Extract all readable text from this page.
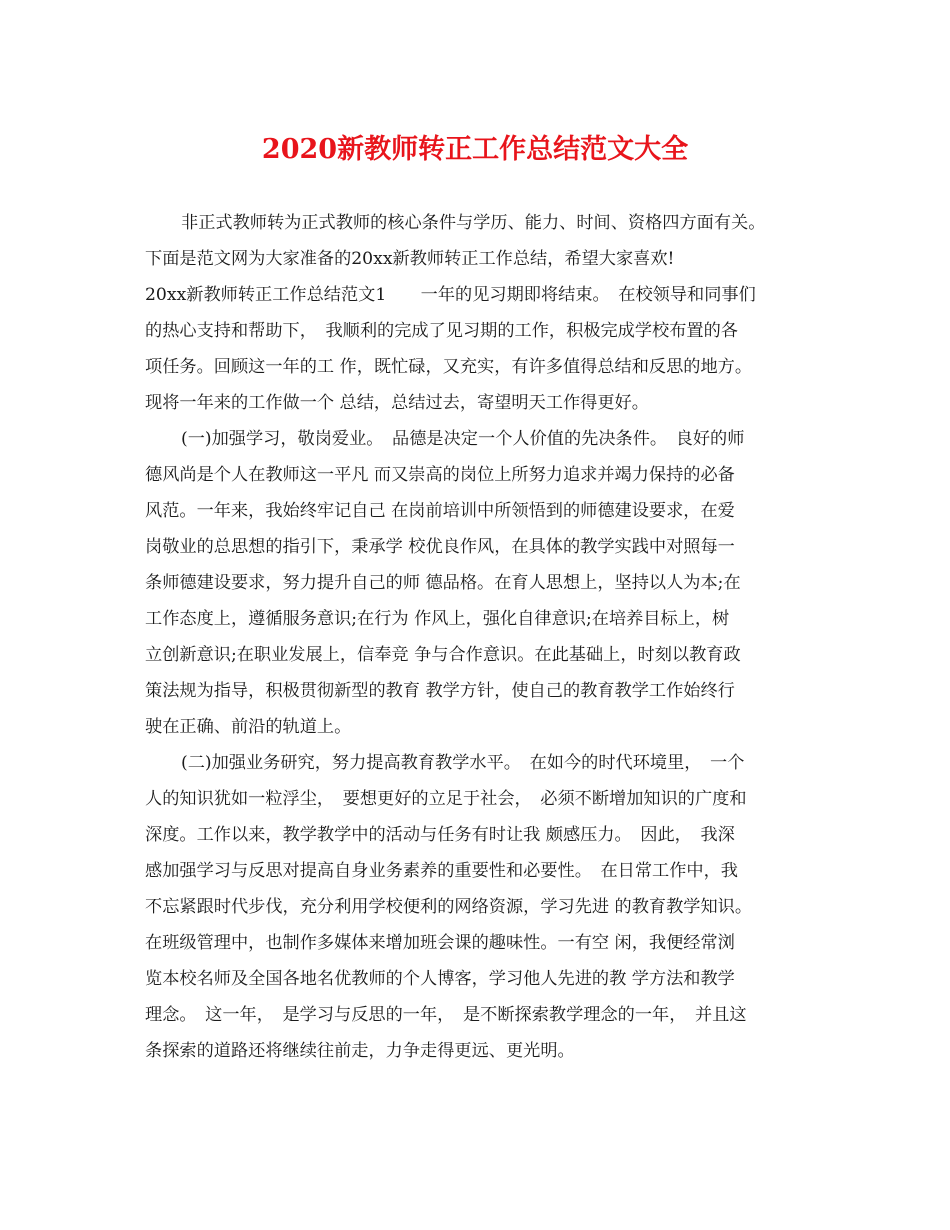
2020新教师转正工作总结范文大全
非正式教师转为正式教师的核心条件与学历、能力、时间、资格四方面有关。
下面是范文网为大家准备的20xx新教师转正工作总结，希望大家喜欢!
20xx新教师转正工作总结范文1　　一年的见习期即将结束。　在校领导和同事们
的热心支持和帮助下，　我顺利的完成了见习期的工作，积极完成学校布置的各
项任务。回顾这一年的工 作，既忙碌，又充实，有许多值得总结和反思的地方。
现将一年来的工作做一个 总结，总结过去，寄望明天工作得更好。
(一)加强学习，敬岗爱业。　品德是决定一个人价值的先决条件。　良好的师
德风尚是个人在教师这一平凡 而又崇高的岗位上所努力追求并竭力保持的必备
风范。一年来，我始终牢记自己 在岗前培训中所领悟到的师德建设要求，在爱
岗敬业的总思想的指引下，秉承学 校优良作风，在具体的教学实践中对照每一
条师德建设要求，努力提升自己的师 德品格。在育人思想上，坚持以人为本;在
工作态度上，遵循服务意识;在行为 作风上，强化自律意识;在培养目标上，树
立创新意识;在职业发展上，信奉竞 争与合作意识。在此基础上，时刻以教育政
策法规为指导，积极贯彻新型的教育 教学方针，使自己的教育教学工作始终行
驶在正确、前沿的轨道上。
(二)加强业务研究，努力提高教育教学水平。　在如今的时代环境里，　一个
人的知识犹如一粒浮尘，　要想更好的立足于社会，　必须不断增加知识的广度和
深度。工作以来，教学教学中的活动与任务有时让我 颇感压力。　因此，　我深
感加强学习与反思对提高自身业务素养的重要性和必要性。　在日常工作中，我
不忘紧跟时代步伐，充分利用学校便利的网络资源，学习先进 的教育教学知识。
在班级管理中，也制作多媒体来增加班会课的趣味性。一有空 闲，我便经常浏
览本校名师及全国各地名优教师的个人博客，学习他人先进的教 学方法和教学
理念。　这一年，　是学习与反思的一年，　是不断探索教学理念的一年，　并且这
条探索的道路还将继续往前走，力争走得更远、更光明。
